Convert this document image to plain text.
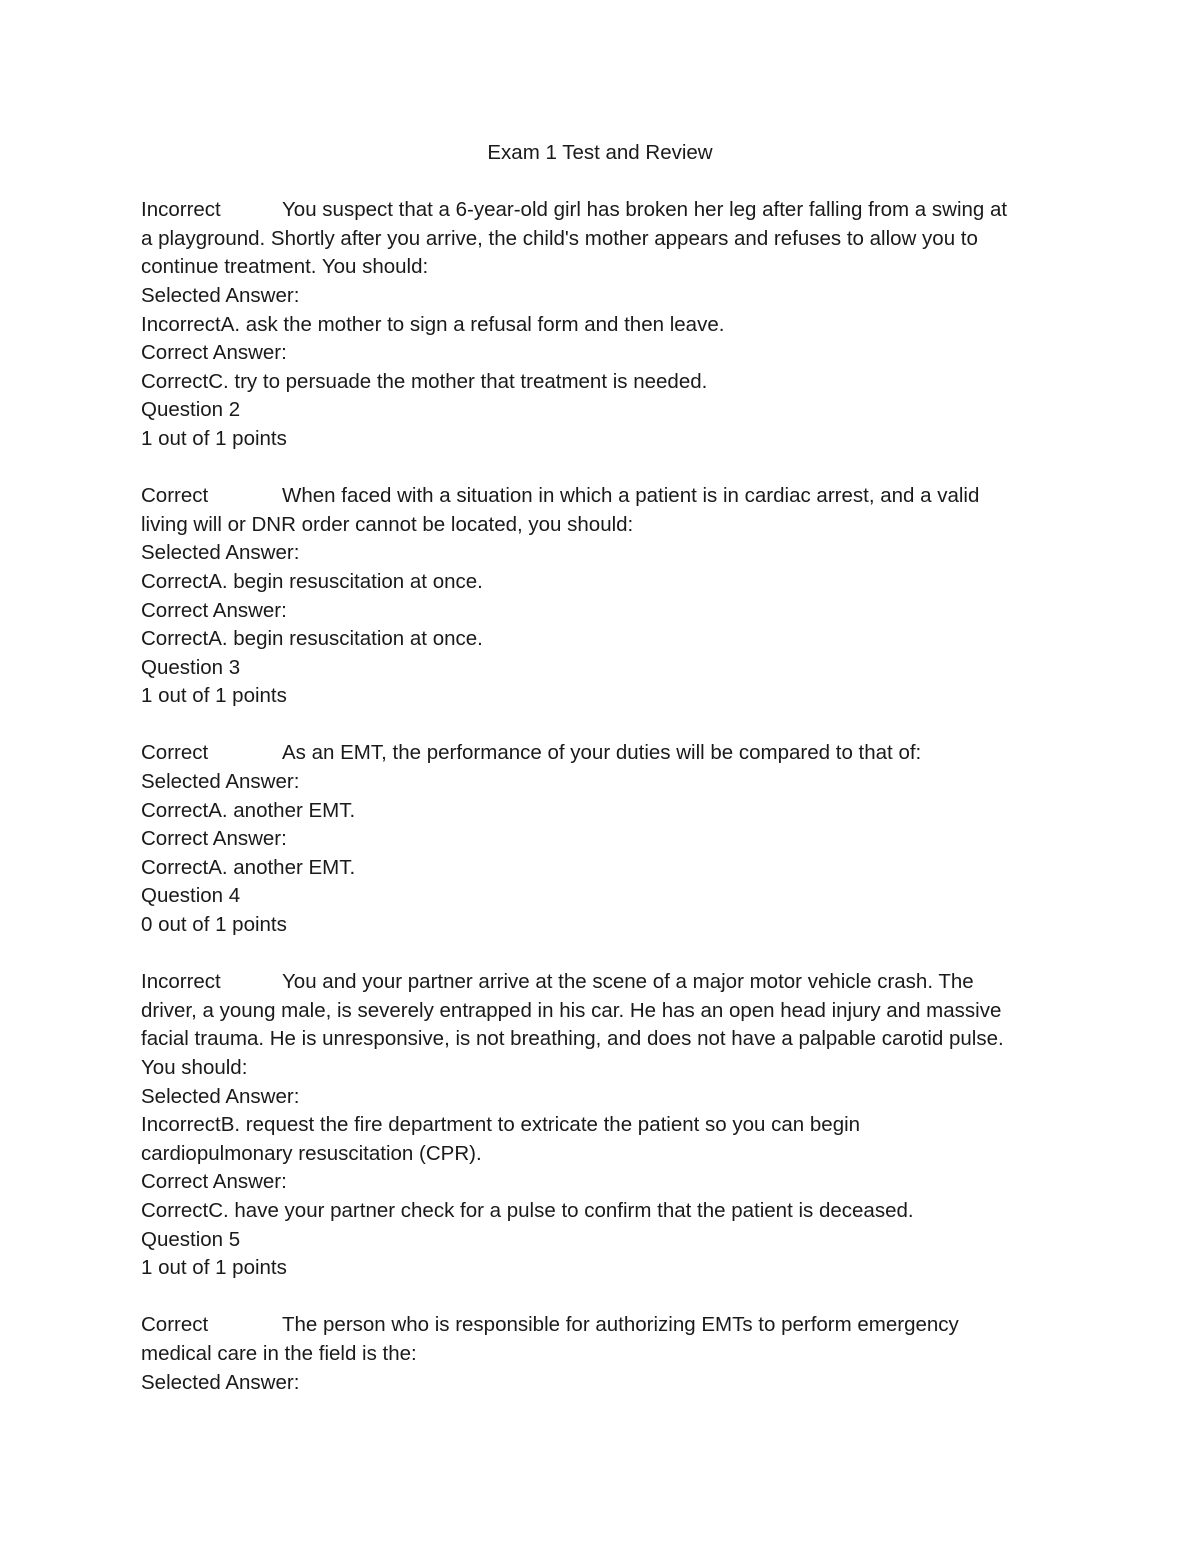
Exam 1 Test and Review
Incorrect	You suspect that a 6-year-old girl has broken her leg after falling from a swing at
a playground. Shortly after you arrive, the child's mother appears and refuses to allow you to
continue treatment. You should:
Selected Answer:
IncorrectA. ask the mother to sign a refusal form and then leave.
Correct Answer:
CorrectC. try to persuade the mother that treatment is needed.
Question 2
1 out of 1 points
Correct	When faced with a situation in which a patient is in cardiac arrest, and a valid
living will or DNR order cannot be located, you should:
Selected Answer:
CorrectA. begin resuscitation at once.
Correct Answer:
CorrectA. begin resuscitation at once.
Question 3
1 out of 1 points
Correct	As an EMT, the performance of your duties will be compared to that of:
Selected Answer:
CorrectA. another EMT.
Correct Answer:
CorrectA. another EMT.
Question 4
0 out of 1 points
Incorrect	You and your partner arrive at the scene of a major motor vehicle crash. The
driver, a young male, is severely entrapped in his car. He has an open head injury and massive
facial trauma. He is unresponsive, is not breathing, and does not have a palpable carotid pulse.
You should:
Selected Answer:
IncorrectB. request the fire department to extricate the patient so you can begin
cardiopulmonary resuscitation (CPR).
Correct Answer:
CorrectC. have your partner check for a pulse to confirm that the patient is deceased.
Question 5
1 out of 1 points
Correct	The person who is responsible for authorizing EMTs to perform emergency
medical care in the field is the:
Selected Answer:
